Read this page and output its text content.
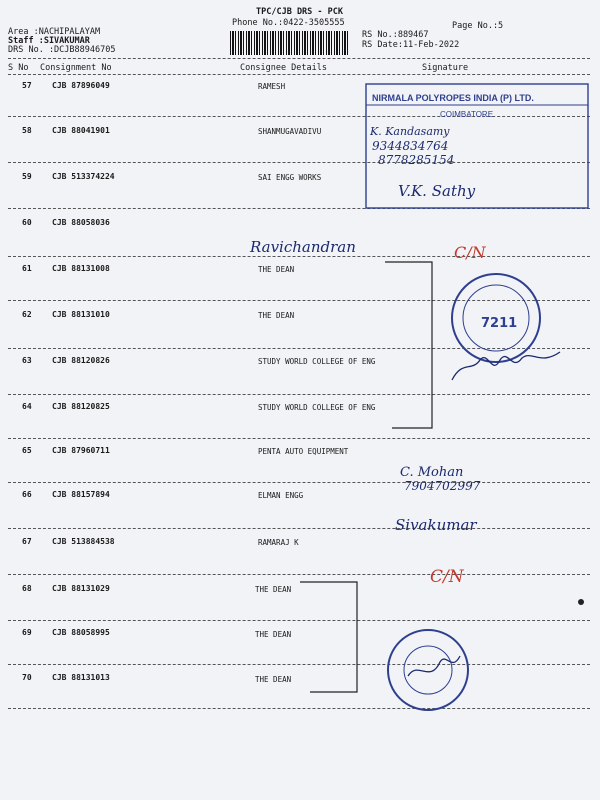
TPC/CJB DRS - PCK
Phone No.:0422-3505555	Page No.:5
Area :NACHIPALAYAM
Staff :SIVAKUMAR
DRS No. :DCJB88946705
RS No.:889467
RS Date:11-Feb-2022
S No Consignment No	Consignee Details	Signature
57	CJB 87896049	RAMESH
58	CJB 88041901	SHANMUGAVADIVU
59	CJB 513374224	SAI ENGG WORKS
60	CJB 88058036
61	CJB 88131008	THE DEAN
62	CJB 88131010	THE DEAN
63	CJB 88120826	STUDY WORLD COLLEGE OF ENG
64	CJB 88120825	STUDY WORLD COLLEGE OF ENG
65	CJB 87960711	PENTA AUTO EQUIPMENT
66	CJB 88157894	ELMAN ENGG
67	CJB 513884538	RAMARAJ K
68	CJB 88131029	THE DEAN
69	CJB 88058995	THE DEAN
70	CJB 88131013	THE DEAN
NIRMALA POLYROPES INDIA (P) LTD.
COIMBATORE
K. Kandasamy
9344834764
8778285154
V.K. Sathy
Ravichandran	C/N
7211
C. Mohan
7904702997
Sivakumar
C/N
